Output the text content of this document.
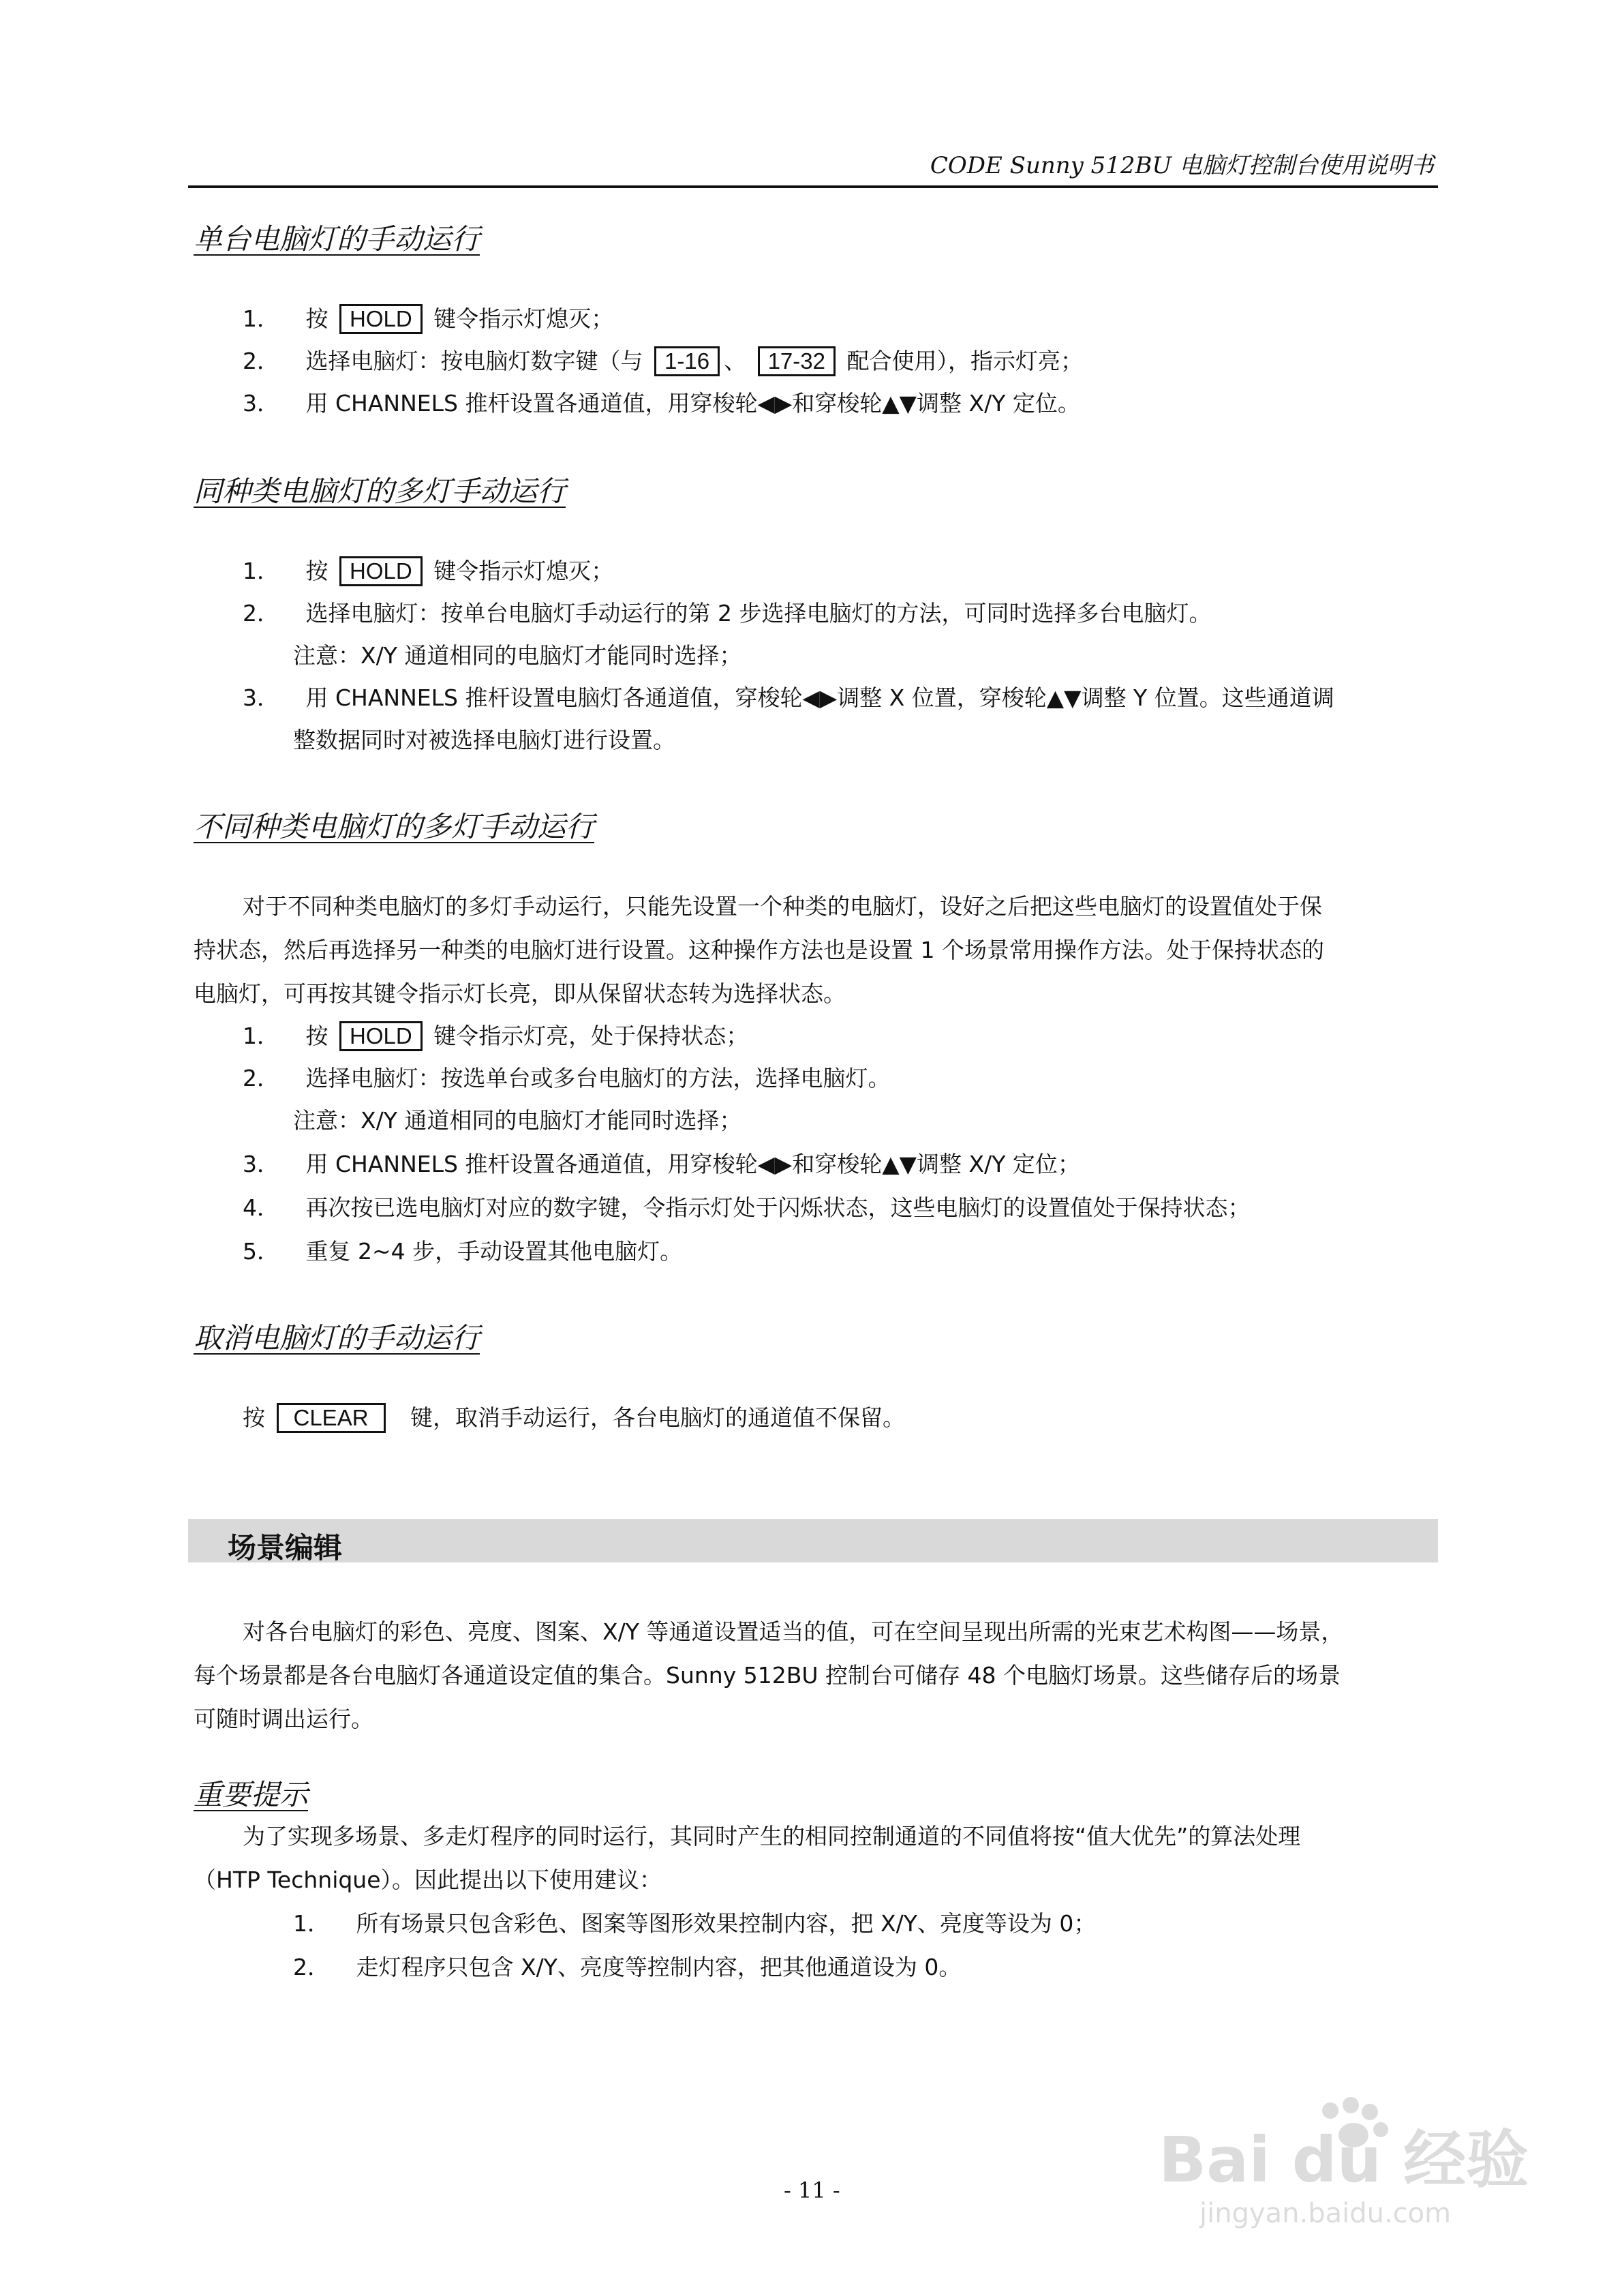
CODE Sunny 512BU 电脑灯控制台使用说明书
单台电脑灯的手动运行
1． 按 HOLD 键令指示灯熄灭；
2． 选择电脑灯：按电脑灯数字键（与 1-16 、 17-32 配合使用），指示灯亮；
3． 用 CHANNELS 推杆设置各通道值，用穿梭轮◀▶和穿梭轮▲▼调整 X/Y 定位。
同种类电脑灯的多灯手动运行
1． 按 HOLD 键令指示灯熄灭；
2． 选择电脑灯：按单台电脑灯手动运行的第 2 步选择电脑灯的方法，可同时选择多台电脑灯。
注意：X/Y 通道相同的电脑灯才能同时选择；
3． 用 CHANNELS 推杆设置电脑灯各通道值，穿梭轮◀▶调整 X 位置，穿梭轮▲▼调整 Y 位置。这些通道调
整数据同时对被选择电脑灯进行设置。
不同种类电脑灯的多灯手动运行
对于不同种类电脑灯的多灯手动运行，只能先设置一个种类的电脑灯，设好之后把这些电脑灯的设置值处于保
持状态，然后再选择另一种类的电脑灯进行设置。这种操作方法也是设置 1 个场景常用操作方法。处于保持状态的
电脑灯，可再按其键令指示灯长亮，即从保留状态转为选择状态。
1． 按 HOLD 键令指示灯亮，处于保持状态；
2． 选择电脑灯：按选单台或多台电脑灯的方法，选择电脑灯。
注意：X/Y 通道相同的电脑灯才能同时选择；
3． 用 CHANNELS 推杆设置各通道值，用穿梭轮◀▶和穿梭轮▲▼调整 X/Y 定位；
4． 再次按已选电脑灯对应的数字键，令指示灯处于闪烁状态，这些电脑灯的设置值处于保持状态；
5． 重复 2~4 步，手动设置其他电脑灯。
取消电脑灯的手动运行
按 CLEAR 键，取消手动运行，各台电脑灯的通道值不保留。
场景编辑
对各台电脑灯的彩色、亮度、图案、X/Y 等通道设置适当的值，可在空间呈现出所需的光束艺术构图——场景，
每个场景都是各台电脑灯各通道设定值的集合。Sunny 512BU 控制台可储存 48 个电脑灯场景。这些储存后的场景
可随时调出运行。
重要提示
为了实现多场景、多走灯程序的同时运行，其同时产生的相同控制通道的不同值将按“值大优先”的算法处理
（HTP Technique）。因此提出以下使用建议：
1． 所有场景只包含彩色、图案等图形效果控制内容，把 X/Y、亮度等设为 0；
2． 走灯程序只包含 X/Y、亮度等控制内容，把其他通道设为 0。
- 11 -	Bai du 经验
jingyan.baidu.com
